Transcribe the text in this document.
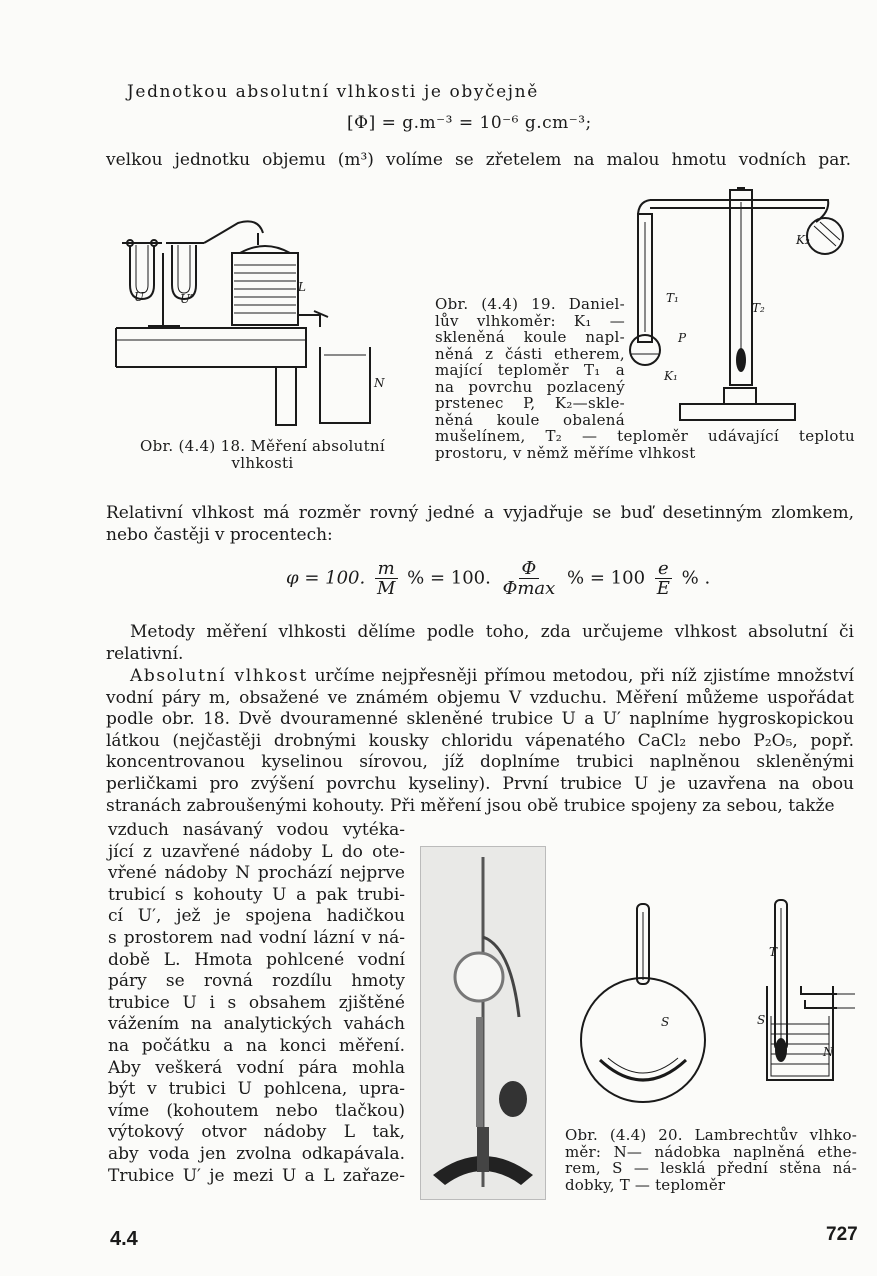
Jednotkou absolutní vlhkosti je obyčejně
[Φ] = g.m⁻³ = 10⁻⁶ g.cm⁻³;
velkou jednotku objemu (m³) volíme se zřetelem na malou hmotu vodních par.
U	U′
L
N
Obr. (4.4) 18. Měření absolutní
vlhkosti
Obr. (4.4) 19. Daniel-
lův vlhkoměr: K₁ —
skleněná koule napl-
něná z části etherem,
mající teploměr T₁ a
na povrchu pozlacený
prstenec P, K₂—skle-
něná koule obalená
mušelínem, T₂ — teploměr udávající teplotu
prostoru, v němž měříme vlhkost
K₂
T₁
T₂
P
K₁
Relativní vlhkost má rozměr rovný jedné a vyjadřuje se buď desetinným zlomkem, nebo častěji v procentech:
φ = 100. $\frac{m}{M}$ % = 100. $\frac{\Phi}{\Phi\max}$ % = $100 \frac{e}{E}$ % .
Metody měření vlhkosti dělíme podle toho, zda určujeme vlhkost absolutní či relativní.
Absolutní vlhkost určíme nejpřesněji přímou metodou, při níž zjistíme množství vodní páry m, obsažené ve známém objemu V vzduchu. Měření můžeme uspořádat podle obr. 18. Dvě dvouramenné skleněné trubice U a U′ naplníme hygroskopickou látkou (nejčastěji drobnými kousky chloridu vápenatého CaCl₂ nebo P₂O₅, popř. koncentrovanou kyselinou sírovou, jíž doplníme trubici naplněnou skleněnými perličkami pro zvýšení povrchu kyseliny). První trubice U je uzavřena na obou stranách zabroušenými kohouty. Při měření jsou obě trubice spojeny za sebou, takže
vzduch nasávaný vodou vytéka-
jící z uzavřené nádoby L do ote-
vřené nádoby N prochází nejprve
trubicí s kohouty U a pak trubi-
cí U′, jež je spojena hadičkou
s prostorem nad vodní lázní v ná-
době L. Hmota pohlcené vodní
páry se rovná rozdílu hmoty
trubice U i s obsahem zjištěné
vážením na analytických vahách
na počátku a na konci měření.
Aby veškerá vodní pára mohla
být v trubici U pohlcena, upra-
víme (kohoutem nebo tlačkou)
výtokový otvor nádoby L tak,
aby voda jen zvolna odkapávala.
Trubice U′ je mezi U a L zařaze-
S
T
S
N
Obr. (4.4) 20. Lambrechtův vlhko-
měr: N— nádobka naplněná ethe-
rem, S — lesklá přední stěna ná-
dobky, T — teploměr
4.4	727
